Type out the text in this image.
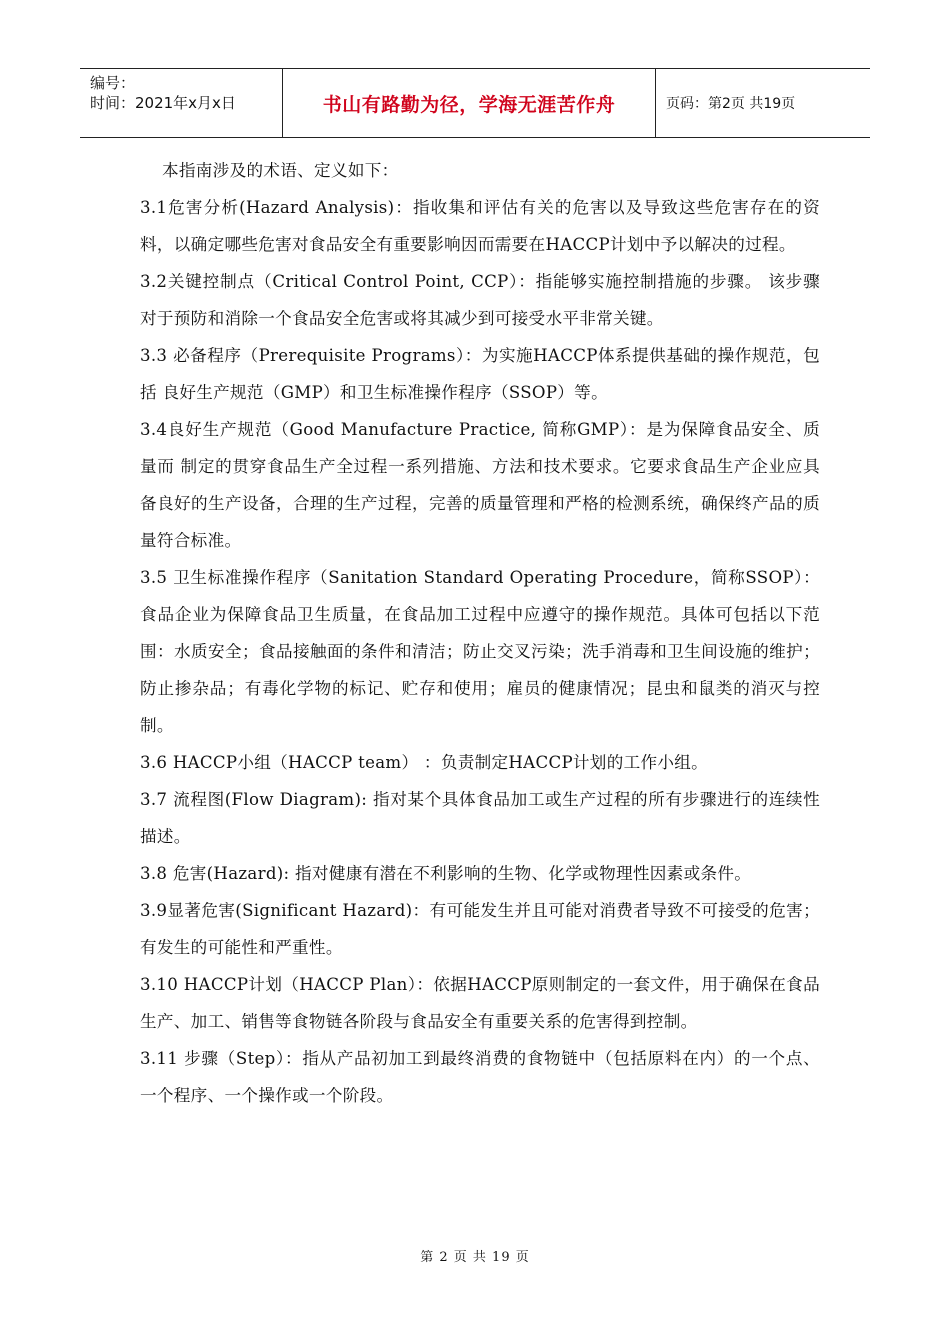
编号：
时间：2021年x月x日	书山有路勤为径，学海无涯苦作舟	页码：第2页 共19页

本指南涉及的术语、定义如下：

3.1危害分析(Hazard Analysis)：指收集和评估有关的危害以及导致这些危害存在的资 料，以确定哪些危害对食品安全有重要影响因而需要在HACCP计划中予以解决的过程。

3.2关键控制点（Critical Control Point, CCP）：指能够实施控制措施的步骤。 该步骤对于预防和消除一个食品安全危害或将其减少到可接受水平非常关键。

3.3 必备程序（Prerequisite Programs）：为实施HACCP体系提供基础的操作规范，包括 良好生产规范（GMP）和卫生标准操作程序（SSOP）等。

3.4良好生产规范（Good Manufacture Practice, 简称GMP）：是为保障食品安全、质量而 制定的贯穿食品生产全过程一系列措施、方法和技术要求。它要求食品生产企业应具备良好的生产设备，合理的生产过程，完善的质量管理和严格的检测系统，确保终产品的质量符合标准。

3.5 卫生标准操作程序（Sanitation Standard Operating Procedure，简称SSOP）： 食品企业为保障食品卫生质量，在食品加工过程中应遵守的操作规范。具体可包括以下范围：水质安全；食品接触面的条件和清洁；防止交叉污染；洗手消毒和卫生间设施的维护；防止掺杂品；有毒化学物的标记、贮存和使用；雇员的健康情况；昆虫和鼠类的消灭与控制。

3.6 HACCP小组（HACCP team） ：负责制定HACCP计划的工作小组。

3.7 流程图(Flow Diagram): 指对某个具体食品加工或生产过程的所有步骤进行的连续性 描述。

3.8 危害(Hazard): 指对健康有潜在不利影响的生物、化学或物理性因素或条件。

3.9显著危害(Significant Hazard)：有可能发生并且可能对消费者导致不可接受的危害；有发生的可能性和严重性。

3.10 HACCP计划（HACCP Plan）：依据HACCP原则制定的一套文件，用于确保在食品 生产、加工、销售等食物链各阶段与食品安全有重要关系的危害得到控制。

3.11 步骤（Step）：指从产品初加工到最终消费的食物链中（包括原料在内）的一个点、 一个程序、一个操作或一个阶段。

第 2 页 共 19 页
